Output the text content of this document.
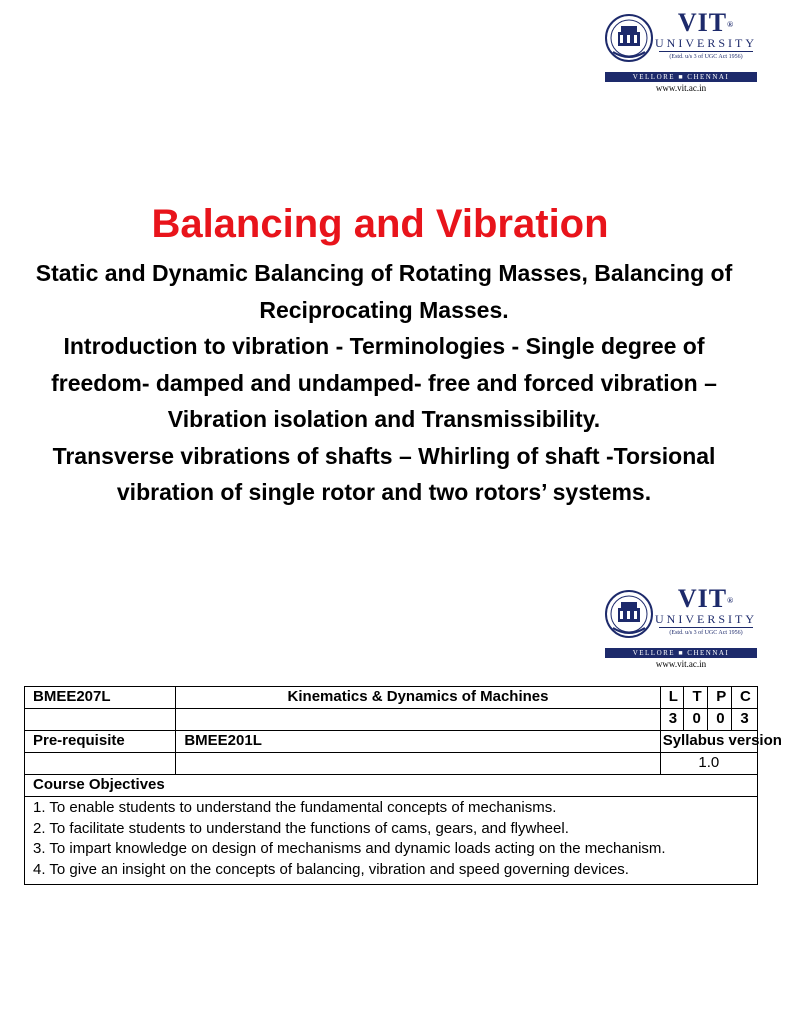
VIT®
UNIVERSITY
(Estd. u/s 3 of UGC Act 1956)
VELLORE ■ CHENNAI
www.vit.ac.in
Balancing and Vibration
Static and Dynamic Balancing of Rotating Masses, Balancing of
Reciprocating Masses.
Introduction to vibration - Terminologies - Single degree of
freedom- damped and undamped- free and forced vibration –
Vibration isolation and Transmissibility.
Transverse vibrations of shafts – Whirling of shaft -Torsional
vibration of single rotor and two rotors’ systems.
VIT®
UNIVERSITY
(Estd. u/s 3 of UGC Act 1956)
VELLORE ■ CHENNAI
www.vit.ac.in
BMEE207L	Kinematics & Dynamics of Machines	L	T	P	C
		3	0	0	3
Pre-requisite	BMEE201L	Syllabus version			
		1.0			
Course Objectives					

1. To enable students to understand the fundamental concepts of mechanisms.
2. To facilitate students to understand the functions of cams, gears, and flywheel.
3. To impart knowledge on design of mechanisms and dynamic loads acting on the mechanism.
4. To give an insight on the concepts of balancing, vibration and speed governing devices.					
